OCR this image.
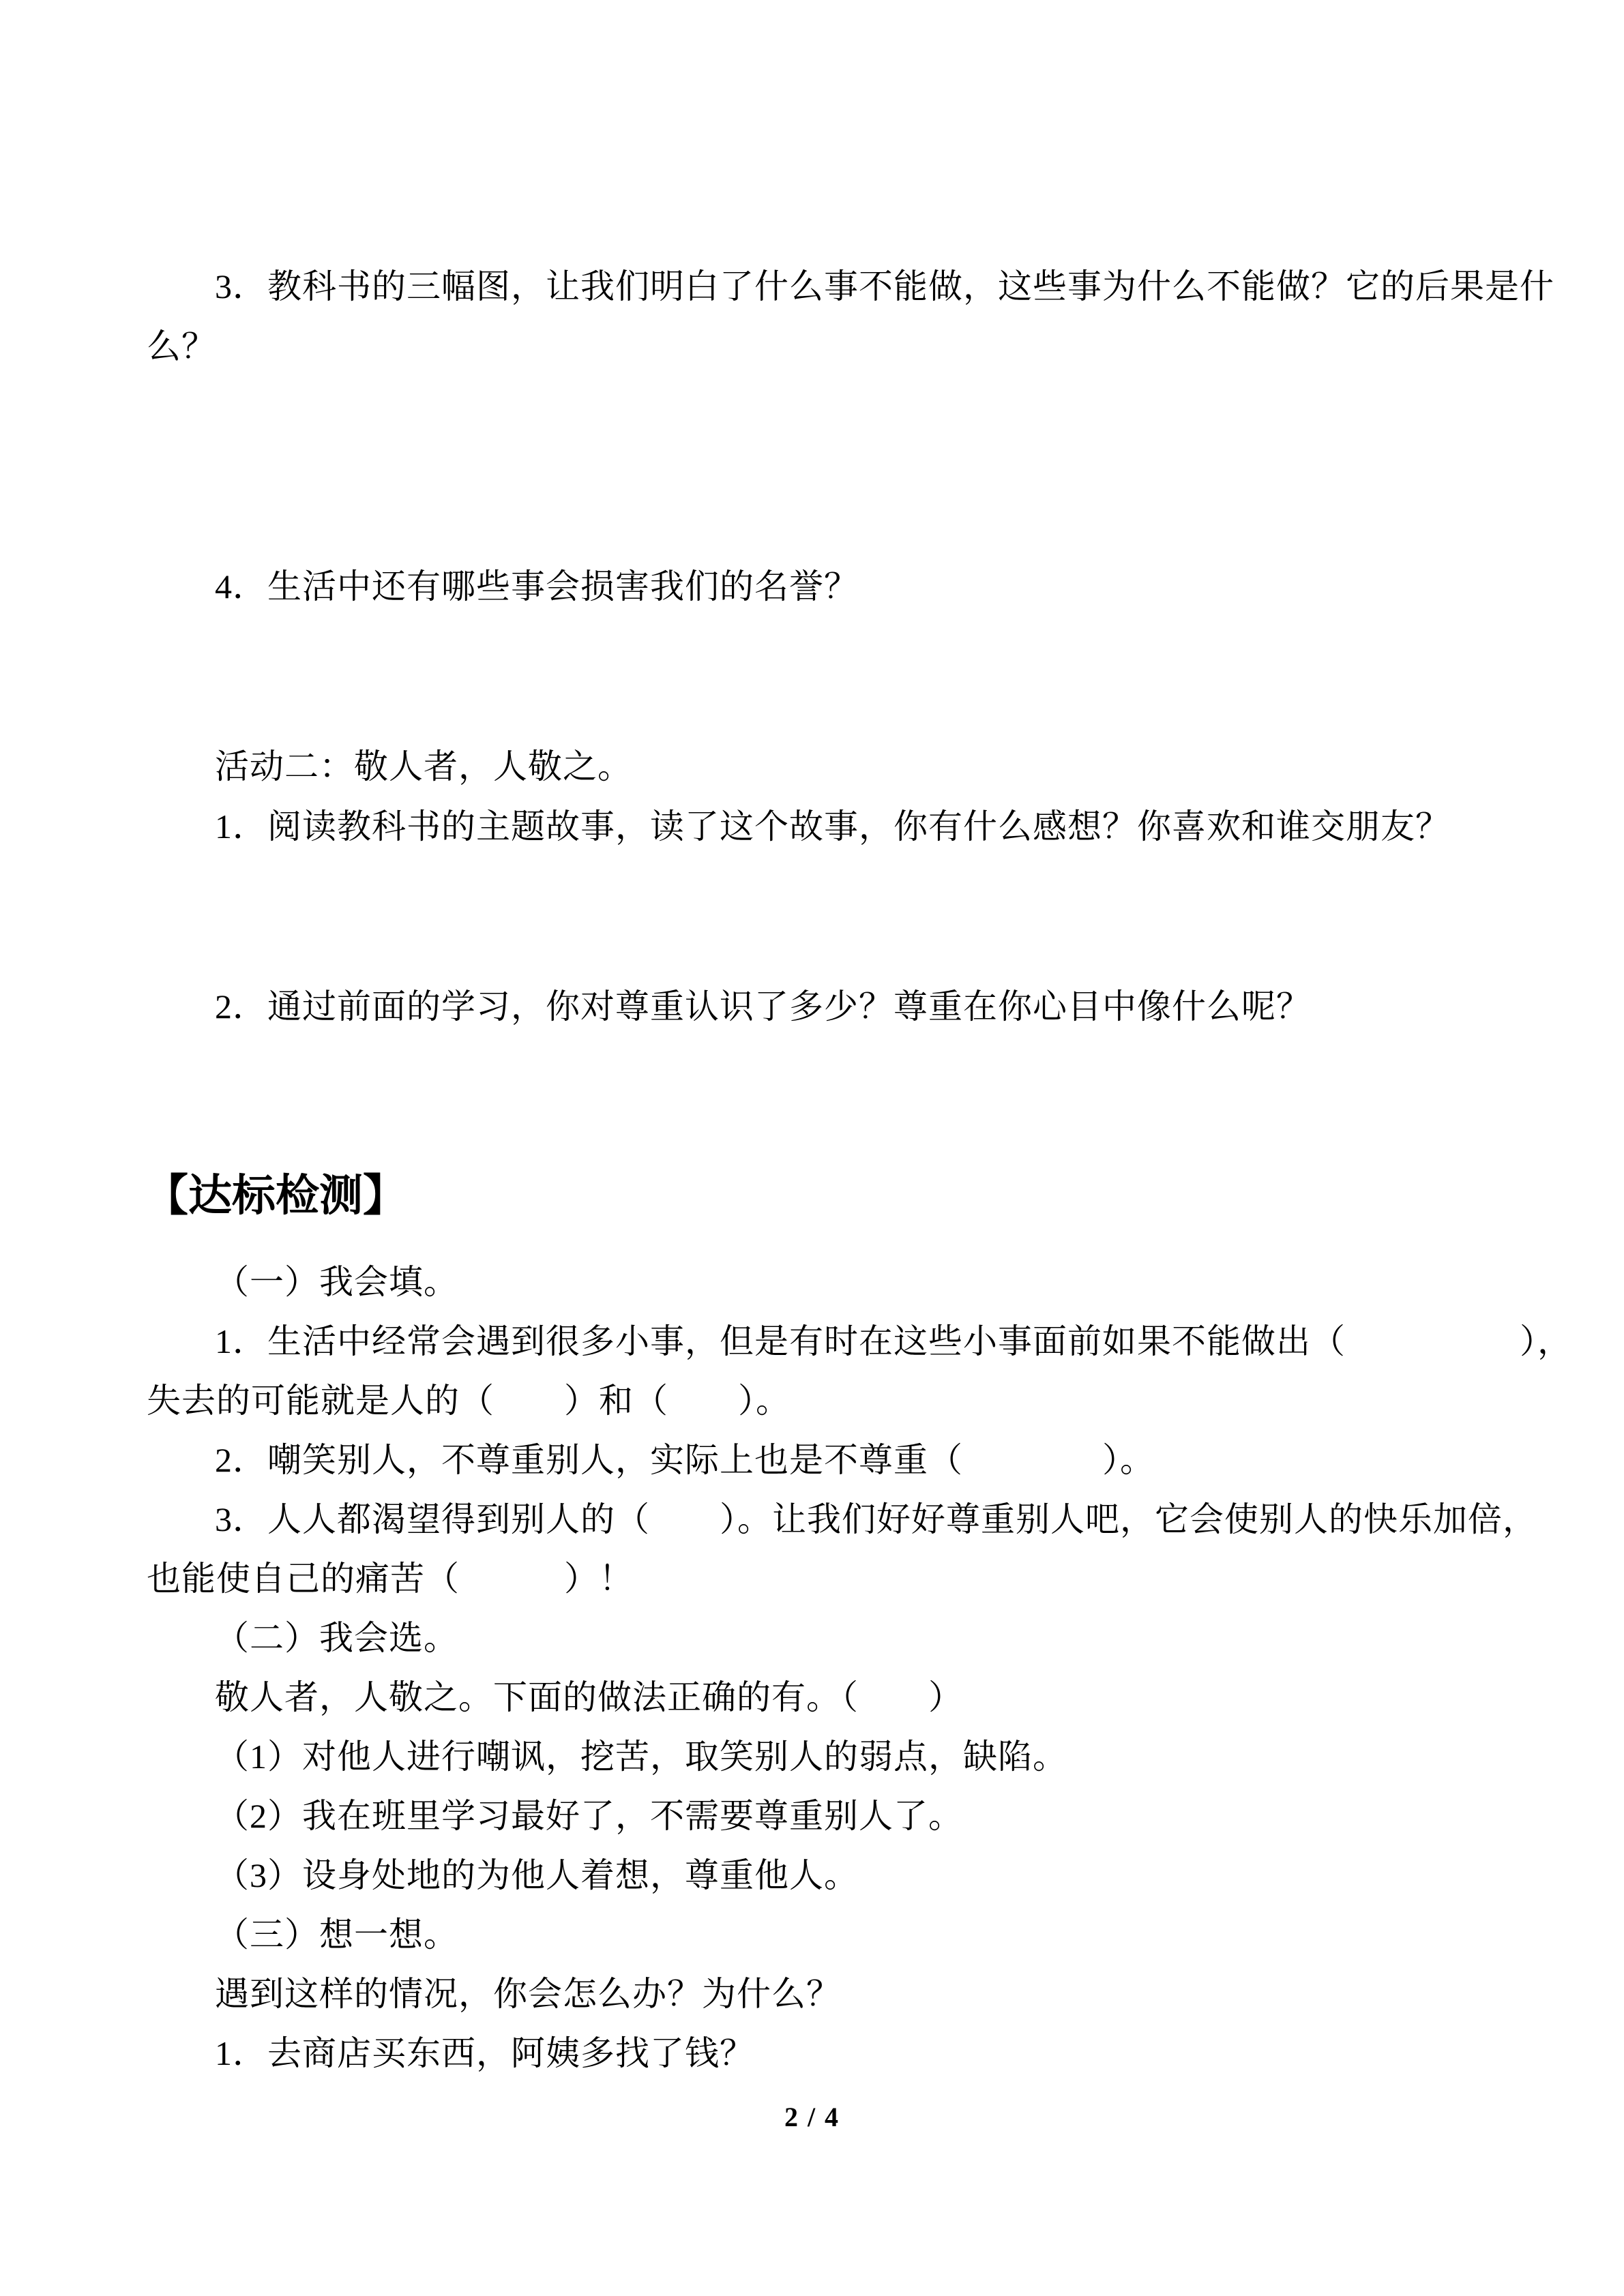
3．教科书的三幅图，让我们明白了什么事不能做，这些事为什么不能做？它的后果是什
么？
4．生活中还有哪些事会损害我们的名誉？
活动二：敬人者，人敬之。
1．阅读教科书的主题故事，读了这个故事，你有什么感想？你喜欢和谁交朋友？
2．通过前面的学习，你对尊重认识了多少？尊重在你心目中像什么呢？
【达标检测】
（一）我会填。
1．生活中经常会遇到很多小事，但是有时在这些小事面前如果不能做出（　　　　　），
失去的可能就是人的（　　）和（　　）。
2．嘲笑别人，不尊重别人，实际上也是不尊重（　　　　）。
3．人人都渴望得到别人的（　　）。让我们好好尊重别人吧，它会使别人的快乐加倍，
也能使自己的痛苦（　　　）！
（二）我会选。
敬人者，人敬之。下面的做法正确的有。（　　）
（1）对他人进行嘲讽，挖苦，取笑别人的弱点，缺陷。
（2）我在班里学习最好了，不需要尊重别人了。
（3）设身处地的为他人着想，尊重他人。
（三）想一想。
遇到这样的情况，你会怎么办？为什么？
1．去商店买东西，阿姨多找了钱？
2 / 4
